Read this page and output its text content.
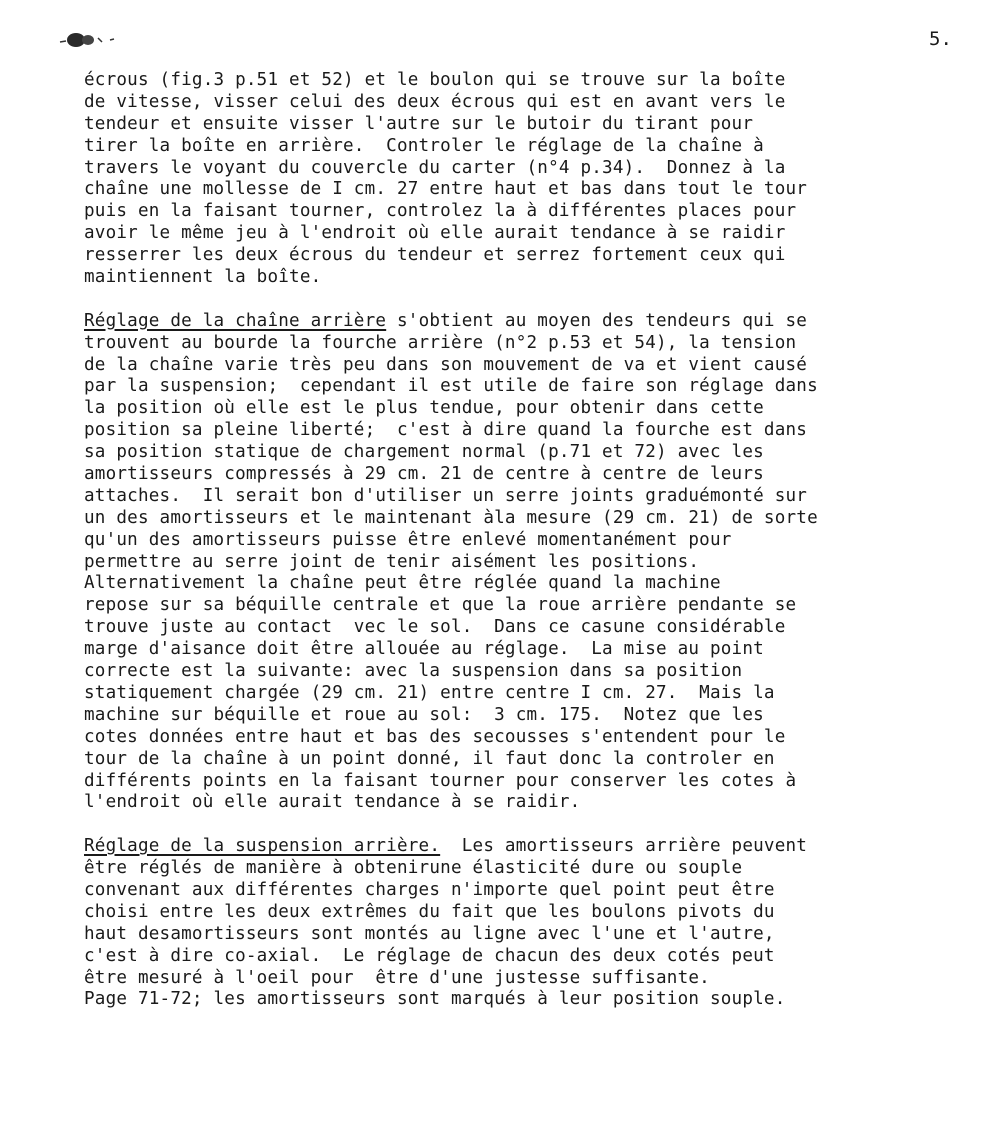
5.
écrous (fig.3 p.51 et 52) et le boulon qui se trouve sur la boîte
de vitesse, visser celui des deux écrous qui est en avant vers le
tendeur et ensuite visser l'autre sur le butoir du tirant pour
tirer la boîte en arrière.  Controler le réglage de la chaîne à
travers le voyant du couvercle du carter (n°4 p.34).  Donnez à la
chaîne une mollesse de I cm. 27 entre haut et bas dans tout le tour
puis en la faisant tourner, controlez la à différentes places pour
avoir le même jeu à l'endroit où elle aurait tendance à se raidir
resserrer les deux écrous du tendeur et serrez fortement ceux qui
maintiennent la boîte.
Réglage de la chaîne arrière s'obtient au moyen des tendeurs qui se
trouvent au bourde la fourche arrière (n°2 p.53 et 54), la tension
de la chaîne varie très peu dans son mouvement de va et vient causé
par la suspension;  cependant il est utile de faire son réglage dans
la position où elle est le plus tendue, pour obtenir dans cette
position sa pleine liberté;  c'est à dire quand la fourche est dans
sa position statique de chargement normal (p.71 et 72) avec les
amortisseurs compressés à 29 cm. 21 de centre à centre de leurs
attaches.  Il serait bon d'utiliser un serre joints graduémonté sur
un des amortisseurs et le maintenant àla mesure (29 cm. 21) de sorte
qu'un des amortisseurs puisse être enlevé momentanément pour
permettre au serre joint de tenir aisément les positions.
Alternativement la chaîne peut être réglée quand la machine
repose sur sa béquille centrale et que la roue arrière pendante se
trouve juste au contact  vec le sol.  Dans ce casune considérable
marge d'aisance doit être allouée au réglage.  La mise au point
correcte est la suivante: avec la suspension dans sa position
statiquement chargée (29 cm. 21) entre centre I cm. 27.  Mais la
machine sur béquille et roue au sol:  3 cm. 175.  Notez que les
cotes données entre haut et bas des secousses s'entendent pour le
tour de la chaîne à un point donné, il faut donc la controler en
différents points en la faisant tourner pour conserver les cotes à
l'endroit où elle aurait tendance à se raidir.
Réglage de la suspension arrière.  Les amortisseurs arrière peuvent
être réglés de manière à obtenirune élasticité dure ou souple
convenant aux différentes charges n'importe quel point peut être
choisi entre les deux extrêmes du fait que les boulons pivots du
haut desamortisseurs sont montés au ligne avec l'une et l'autre,
c'est à dire co-axial.  Le réglage de chacun des deux cotés peut
être mesuré à l'oeil pour  être d'une justesse suffisante.
Page 71-72; les amortisseurs sont marqués à leur position souple.
